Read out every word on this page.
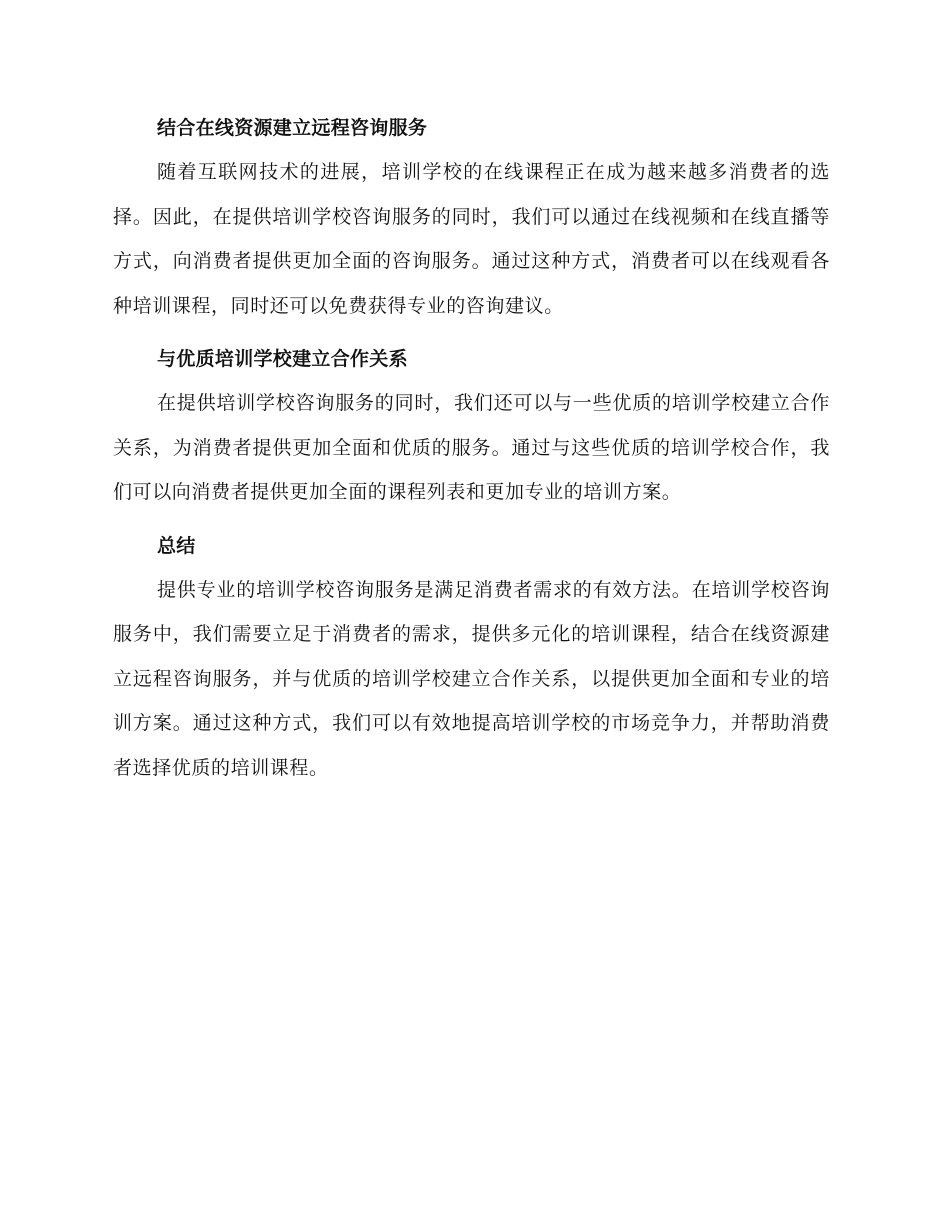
结合在线资源建立远程咨询服务

随着互联网技术的进展，培训学校的在线课程正在成为越来越多消费者的选择。因此，在提供培训学校咨询服务的同时，我们可以通过在线视频和在线直播等方式，向消费者提供更加全面的咨询服务。通过这种方式，消费者可以在线观看各种培训课程，同时还可以免费获得专业的咨询建议。

与优质培训学校建立合作关系

在提供培训学校咨询服务的同时，我们还可以与一些优质的培训学校建立合作关系，为消费者提供更加全面和优质的服务。通过与这些优质的培训学校合作，我们可以向消费者提供更加全面的课程列表和更加专业的培训方案。

总结

提供专业的培训学校咨询服务是满足消费者需求的有效方法。在培训学校咨询服务中，我们需要立足于消费者的需求，提供多元化的培训课程，结合在线资源建立远程咨询服务，并与优质的培训学校建立合作关系，以提供更加全面和专业的培训方案。通过这种方式，我们可以有效地提高培训学校的市场竞争力，并帮助消费者选择优质的培训课程。
